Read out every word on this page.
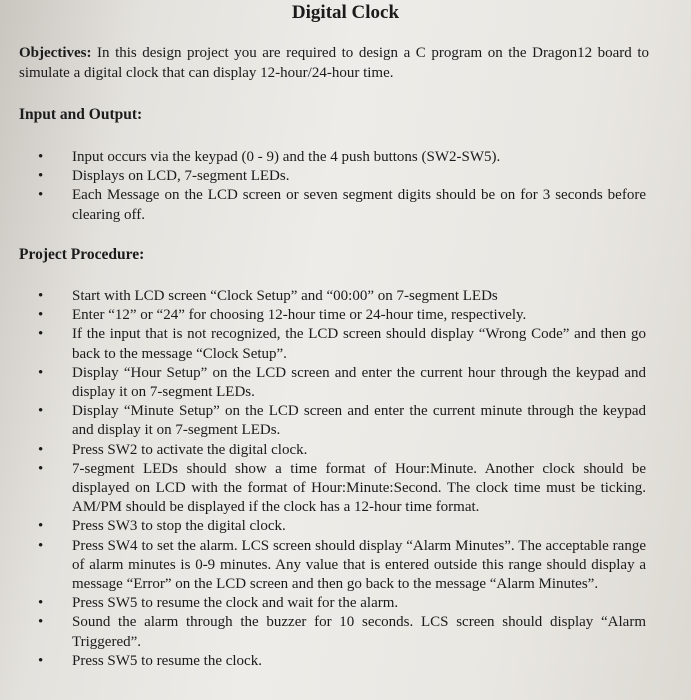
Digital Clock
Objectives: In this design project you are required to design a C program on the Dragon12 board to simulate a digital clock that can display 12-hour/24-hour time.
Input and Output:
• Input occurs via the keypad (0 - 9) and the 4 push buttons (SW2-SW5).
• Displays on LCD, 7-segment LEDs.
• Each Message on the LCD screen or seven segment digits should be on for 3 seconds before clearing off.
Project Procedure:
• Start with LCD screen “Clock Setup” and “00:00” on 7-segment LEDs
• Enter “12” or “24” for choosing 12-hour time or 24-hour time, respectively.
• If the input that is not recognized, the LCD screen should display “Wrong Code” and then go back to the message “Clock Setup”.
• Display “Hour Setup” on the LCD screen and enter the current hour through the keypad and display it on 7-segment LEDs.
• Display “Minute Setup” on the LCD screen and enter the current minute through the keypad and display it on 7-segment LEDs.
• Press SW2 to activate the digital clock.
• 7-segment LEDs should show a time format of Hour:Minute. Another clock should be displayed on LCD with the format of Hour:Minute:Second. The clock time must be ticking. AM/PM should be displayed if the clock has a 12-hour time format.
• Press SW3 to stop the digital clock.
• Press SW4 to set the alarm. LCS screen should display “Alarm Minutes”. The acceptable range of alarm minutes is 0-9 minutes. Any value that is entered outside this range should display a message “Error” on the LCD screen and then go back to the message “Alarm Minutes”.
• Press SW5 to resume the clock and wait for the alarm.
• Sound the alarm through the buzzer for 10 seconds. LCS screen should display “Alarm Triggered”.
• Press SW5 to resume the clock.
